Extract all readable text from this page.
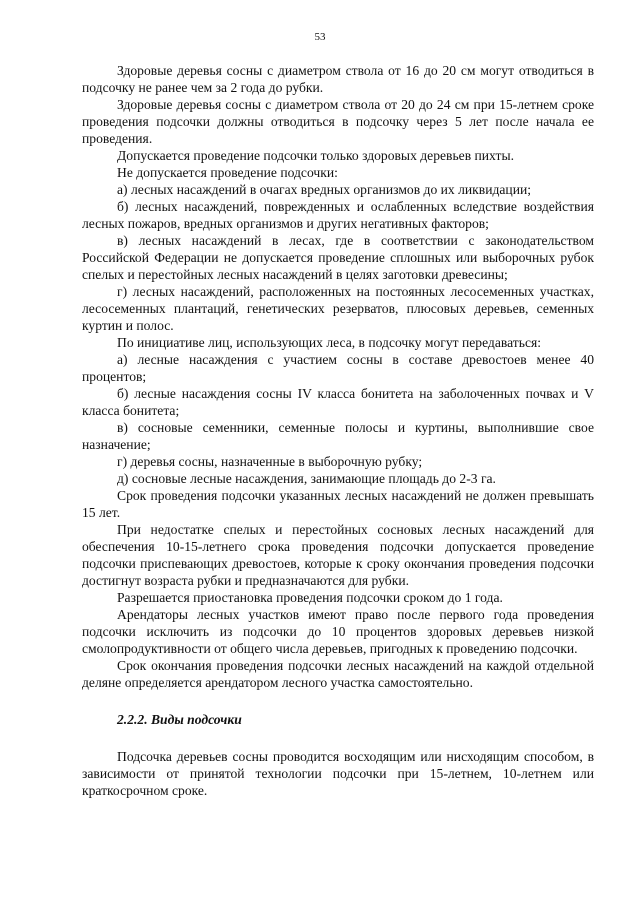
53

Здоровые деревья сосны с диаметром ствола от 16 до 20 см могут отводиться в подсочку не ранее чем за 2 года до рубки.

Здоровые деревья сосны с диаметром ствола от 20 до 24 см при 15-летнем сроке проведения подсочки должны отводиться в подсочку через 5 лет после начала ее проведения.

Допускается проведение подсочки только здоровых деревьев пихты.

Не допускается проведение подсочки:

а) лесных насаждений в очагах вредных организмов до их ликвидации;

б) лесных насаждений, поврежденных и ослабленных вследствие воздействия лесных пожаров, вредных организмов и других негативных факторов;

в) лесных насаждений в лесах, где в соответствии с законодательством Российской Федерации не допускается проведение сплошных или выборочных рубок спелых и перестойных лесных насаждений в целях заготовки древесины;

г) лесных насаждений, расположенных на постоянных лесосеменных участках, лесосеменных плантаций, генетических резерватов, плюсовых деревьев, семенных куртин и полос.

По инициативе лиц, использующих леса, в подсочку могут передаваться:

а) лесные насаждения с участием сосны в составе древостоев менее 40 процентов;

б) лесные насаждения сосны IV класса бонитета на заболоченных почвах и V класса бонитета;

в) сосновые семенники, семенные полосы и куртины, выполнившие свое назначение;

г) деревья сосны, назначенные в выборочную рубку;

д) сосновые лесные насаждения, занимающие площадь до 2-3 га.

Срок проведения подсочки указанных лесных насаждений не должен превышать 15 лет.

При недостатке спелых и перестойных сосновых лесных насаждений для обеспечения 10-15-летнего срока проведения подсочки допускается проведение подсочки приспевающих древостоев, которые к сроку окончания проведения подсочки достигнут возраста рубки и предназначаются для рубки.

Разрешается приостановка проведения подсочки сроком до 1 года.

Арендаторы лесных участков имеют право после первого года проведения подсочки исключить из подсочки до 10 процентов здоровых деревьев низкой смолопродуктивности от общего числа деревьев, пригодных к проведению подсочки.

Срок окончания проведения подсочки лесных насаждений на каждой отдельной деляне определяется арендатором лесного участка самостоятельно.

2.2.2. Виды подсочки

Подсочка деревьев сосны проводится восходящим или нисходящим способом, в зависимости от принятой технологии подсочки при 15-летнем, 10-летнем или краткосрочном сроке.
